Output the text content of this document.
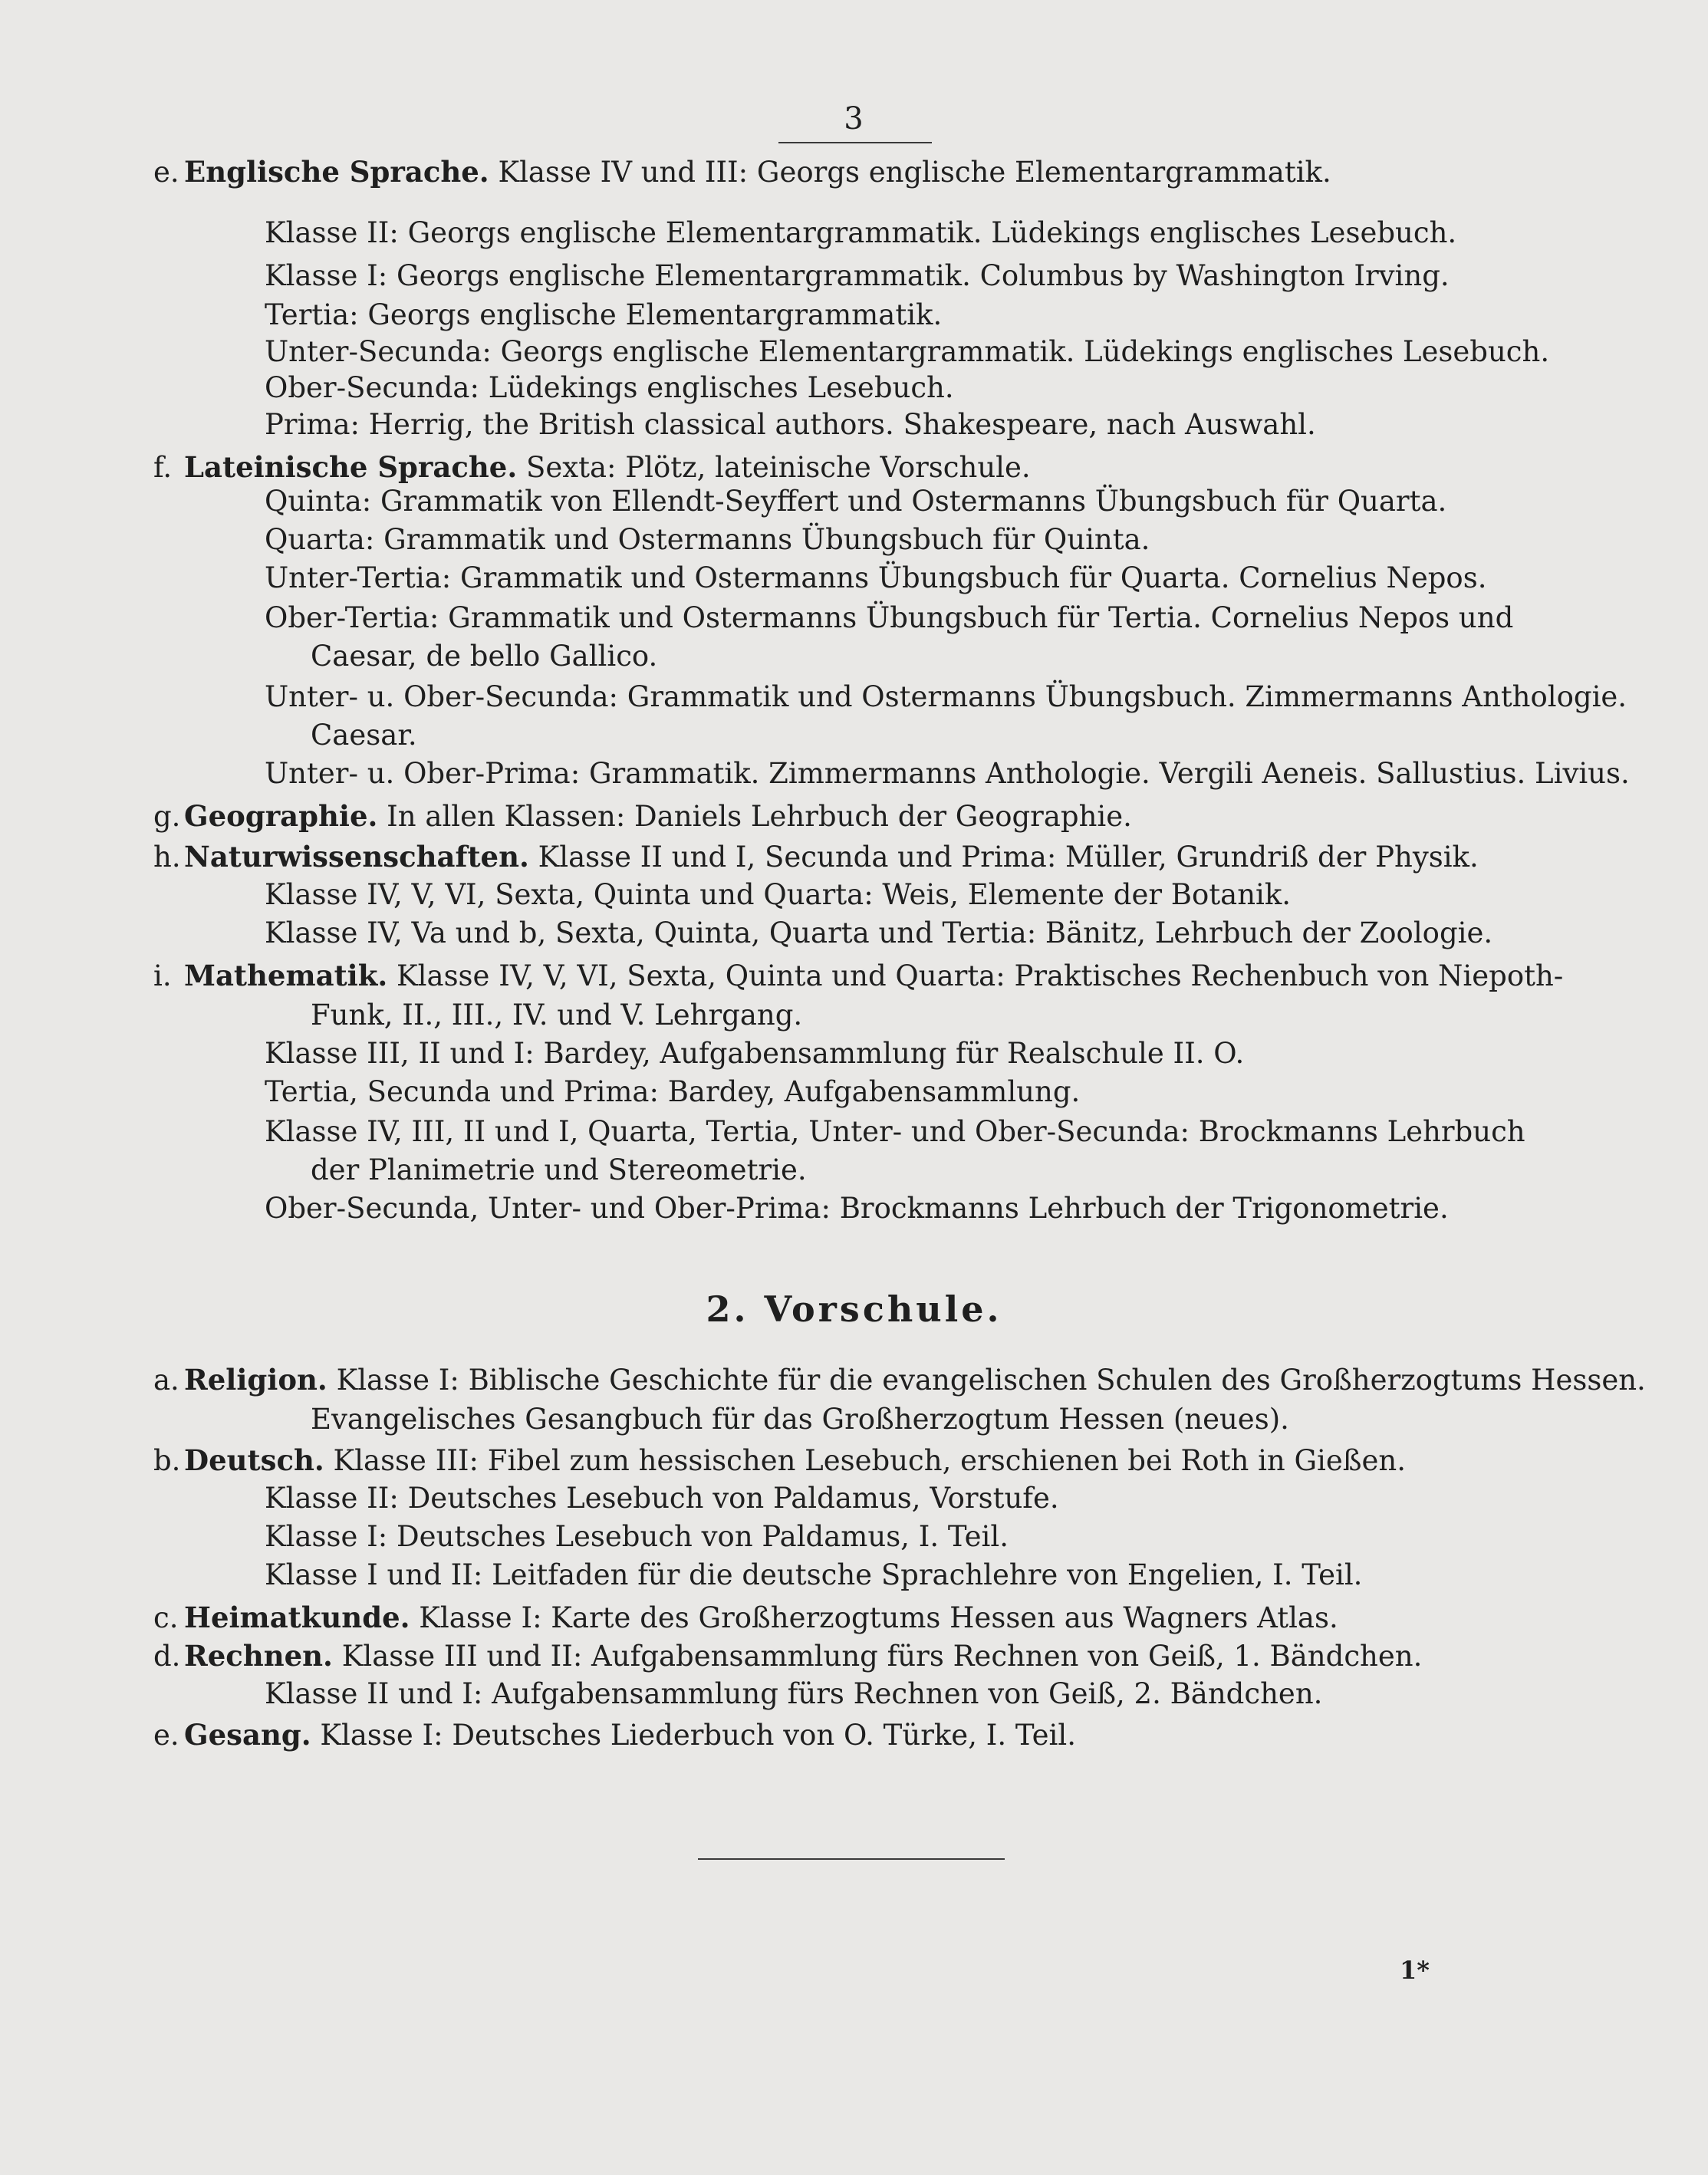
3
e. Englische Sprache. Klasse IV und III: Georgs englische Elementargrammatik.
Klasse II: Georgs englische Elementargrammatik. Lüdekings englisches Lesebuch.
Klasse I: Georgs englische Elementargrammatik. Columbus by Washington Irving.
Tertia: Georgs englische Elementargrammatik.
Unter-Secunda: Georgs englische Elementargrammatik. Lüdekings englisches Lesebuch.
Ober-Secunda: Lüdekings englisches Lesebuch.
Prima: Herrig, the British classical authors. Shakespeare, nach Auswahl.
f. Lateinische Sprache. Sexta: Plötz, lateinische Vorschule.
Quinta: Grammatik von Ellendt-Seyffert und Ostermanns Übungsbuch für Quarta.
Quarta: Grammatik und Ostermanns Übungsbuch für Quinta.
Unter-Tertia: Grammatik und Ostermanns Übungsbuch für Quarta. Cornelius Nepos.
Ober-Tertia: Grammatik und Ostermanns Übungsbuch für Tertia. Cornelius Nepos und
Caesar, de bello Gallico.
Unter- u. Ober-Secunda: Grammatik und Ostermanns Übungsbuch. Zimmermanns Anthologie.
Caesar.
Unter- u. Ober-Prima: Grammatik. Zimmermanns Anthologie. Vergili Aeneis. Sallustius. Livius.
g. Geographie. In allen Klassen: Daniels Lehrbuch der Geographie.
h. Naturwissenschaften. Klasse II und I, Secunda und Prima: Müller, Grundriß der Physik.
Klasse IV, V, VI, Sexta, Quinta und Quarta: Weis, Elemente der Botanik.
Klasse IV, Va und b, Sexta, Quinta, Quarta und Tertia: Bänitz, Lehrbuch der Zoologie.
i. Mathematik. Klasse IV, V, VI, Sexta, Quinta und Quarta: Praktisches Rechenbuch von Niepoth-
Funk, II., III., IV. und V. Lehrgang.
Klasse III, II und I: Bardey, Aufgabensammlung für Realschule II. O.
Tertia, Secunda und Prima: Bardey, Aufgabensammlung.
Klasse IV, III, II und I, Quarta, Tertia, Unter- und Ober-Secunda: Brockmanns Lehrbuch
der Planimetrie und Stereometrie.
Ober-Secunda, Unter- und Ober-Prima: Brockmanns Lehrbuch der Trigonometrie.
a. Religion. Klasse I: Biblische Geschichte für die evangelischen Schulen des Großherzogtums Hessen.
Evangelisches Gesangbuch für das Großherzogtum Hessen (neues).
b. Deutsch. Klasse III: Fibel zum hessischen Lesebuch, erschienen bei Roth in Gießen.
Klasse II: Deutsches Lesebuch von Paldamus, Vorstufe.
Klasse I: Deutsches Lesebuch von Paldamus, I. Teil.
Klasse I und II: Leitfaden für die deutsche Sprachlehre von Engelien, I. Teil.
c. Heimatkunde. Klasse I: Karte des Großherzogtums Hessen aus Wagners Atlas.
d. Rechnen. Klasse III und II: Aufgabensammlung fürs Rechnen von Geiß, 1. Bändchen.
Klasse II und I: Aufgabensammlung fürs Rechnen von Geiß, 2. Bändchen.
e. Gesang. Klasse I: Deutsches Liederbuch von O. Türke, I. Teil.
2. Vorschule.
1*
